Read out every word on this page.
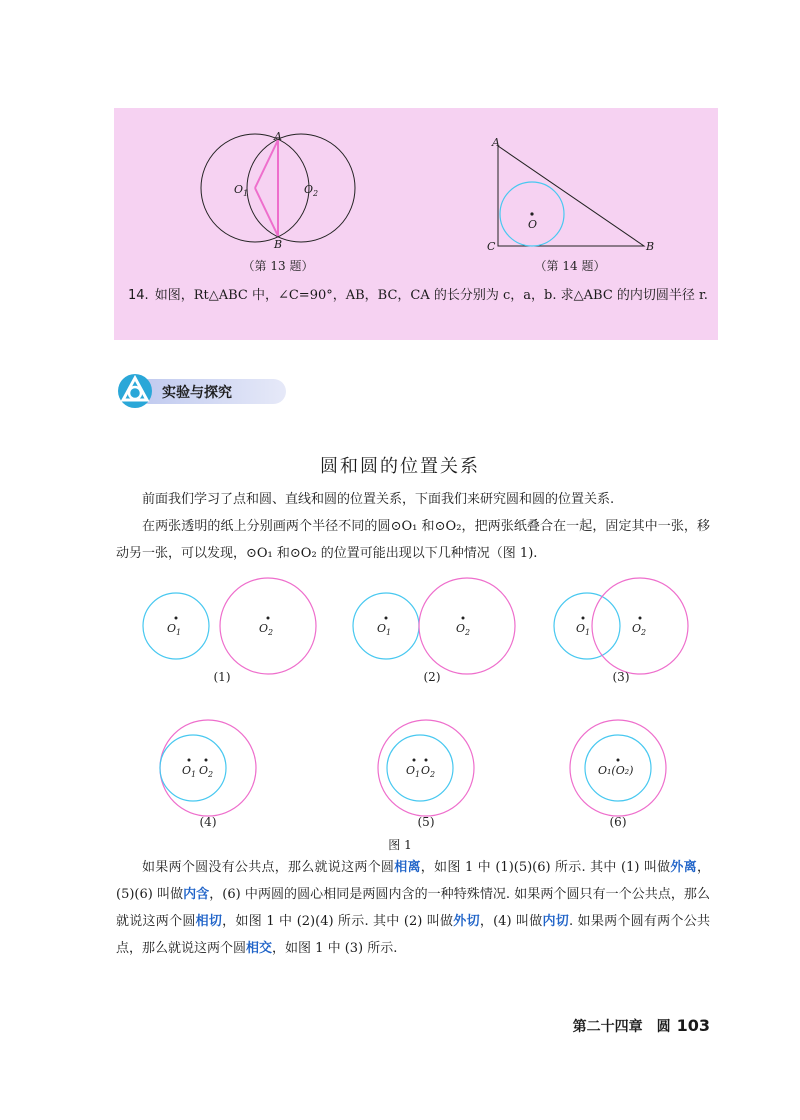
A
B
$O_1$	$O_2$
（第 13 题）
A
C	B
O
（第 14 题）
14. 如图，Rt△ABC 中，∠C=90°，AB，BC，CA 的长分别为 c，a，b. 求△ABC 的内切圆半径 r.
实验与探究
圆和圆的位置关系
前面我们学习了点和圆、直线和圆的位置关系，下面我们来研究圆和圆的位置关系.
在两张透明的纸上分别画两个半径不同的圆⊙O₁ 和⊙O₂，把两张纸叠合在一起，固定其中一张，移动另一张，可以发现，⊙O₁ 和⊙O₂ 的位置可能出现以下几种情况（图 1).
$O_1$	$O_2$
(1)
$O_1$	$O_2$
(2)
$O_1$	$O_2$
(3)
$O_1$ $O_2$
(4)
$O_1$ $O_2$
(5)
O₁(O₂)
(6)
图 1
如果两个圆没有公共点，那么就说这两个圆相离，如图 1 中 (1)(5)(6) 所示. 其中 (1) 叫做外离，(5)(6) 叫做内含，(6) 中两圆的圆心相同是两圆内含的一种特殊情况. 如果两个圆只有一个公共点，那么就说这两个圆相切，如图 1 中 (2)(4) 所示. 其中 (2) 叫做外切，(4) 叫做内切. 如果两个圆有两个公共点，那么就说这两个圆相交，如图 1 中 (3) 所示.
第二十四章　圆 103
